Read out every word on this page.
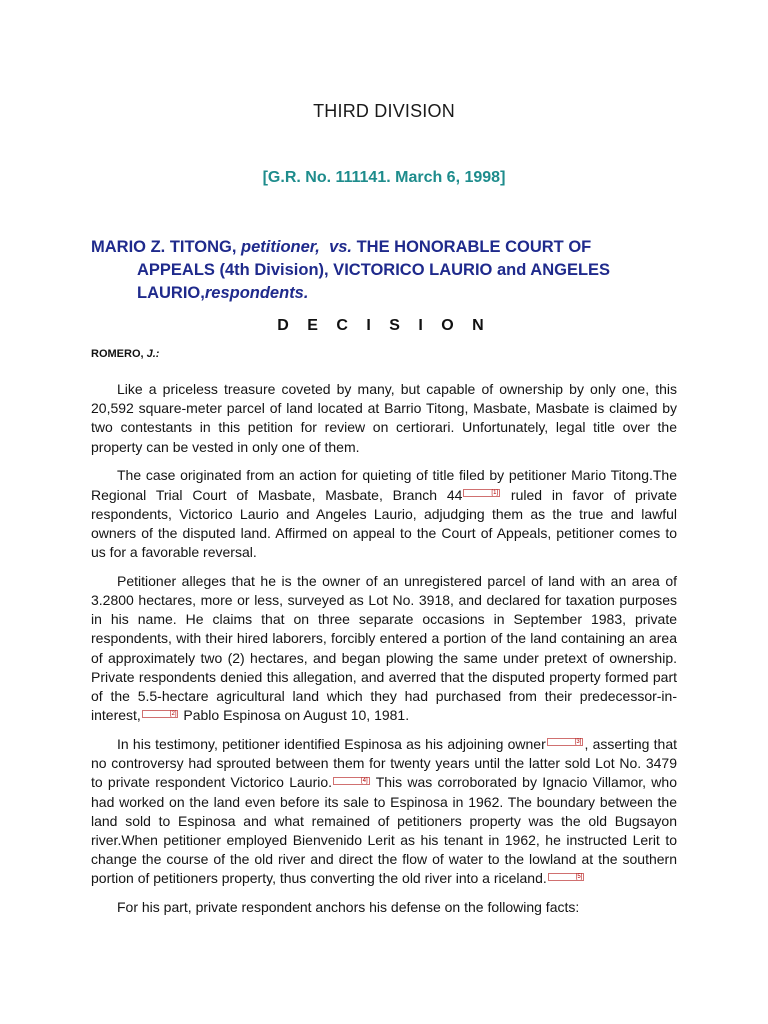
THIRD DIVISION
[G.R. No. 111141. March 6, 1998]
MARIO Z. TITONG, petitioner, vs. THE HONORABLE COURT OF
APPEALS (4th Division), VICTORICO LAURIO and ANGELES
LAURIO,respondents.
D E C I S I O N
ROMERO, J.:

Like a priceless treasure coveted by many, but capable of ownership by only one, this 20,592 square-meter parcel of land located at Barrio Titong, Masbate, Masbate is claimed by two contestants in this petition for review on certiorari. Unfortunately, legal title over the property can be vested in only one of them.

The case originated from an action for quieting of title filed by petitioner Mario Titong.The Regional Trial Court of Masbate, Masbate, Branch 44	[1] ruled in favor of private respondents, Victorico Laurio and Angeles Laurio, adjudging them as the true and lawful owners of the disputed land. Affirmed on appeal to the Court of Appeals, petitioner comes to us for a favorable reversal.

Petitioner alleges that he is the owner of an unregistered parcel of land with an area of 3.2800 hectares, more or less, surveyed as Lot No. 3918, and declared for taxation purposes in his name. He claims that on three separate occasions in September 1983, private respondents, with their hired laborers, forcibly entered a portion of the land containing an area of approximately two (2) hectares, and began plowing the same under pretext of ownership. Private respondents denied this allegation, and averred that the disputed property formed part of the 5.5-hectare agricultural land which they had purchased from their predecessor-in-interest,	[2] Pablo Espinosa on August 10, 1981.

In his testimony, petitioner identified Espinosa as his adjoining owner	[3] , asserting that no controversy had sprouted between them for twenty years until the latter sold Lot No. 3479 to private respondent Victorico Laurio.	[4] This was corroborated by Ignacio Villamor, who had worked on the land even before its sale to Espinosa in 1962. The boundary between the land sold to Espinosa and what remained of petitioners property was the old Bugsayon river.When petitioner employed Bienvenido Lerit as his tenant in 1962, he instructed Lerit to change the course of the old river and direct the flow of water to the lowland at the southern portion of petitioners property, thus converting the old river into a riceland.	[5]

For his part, private respondent anchors his defense on the following facts:
